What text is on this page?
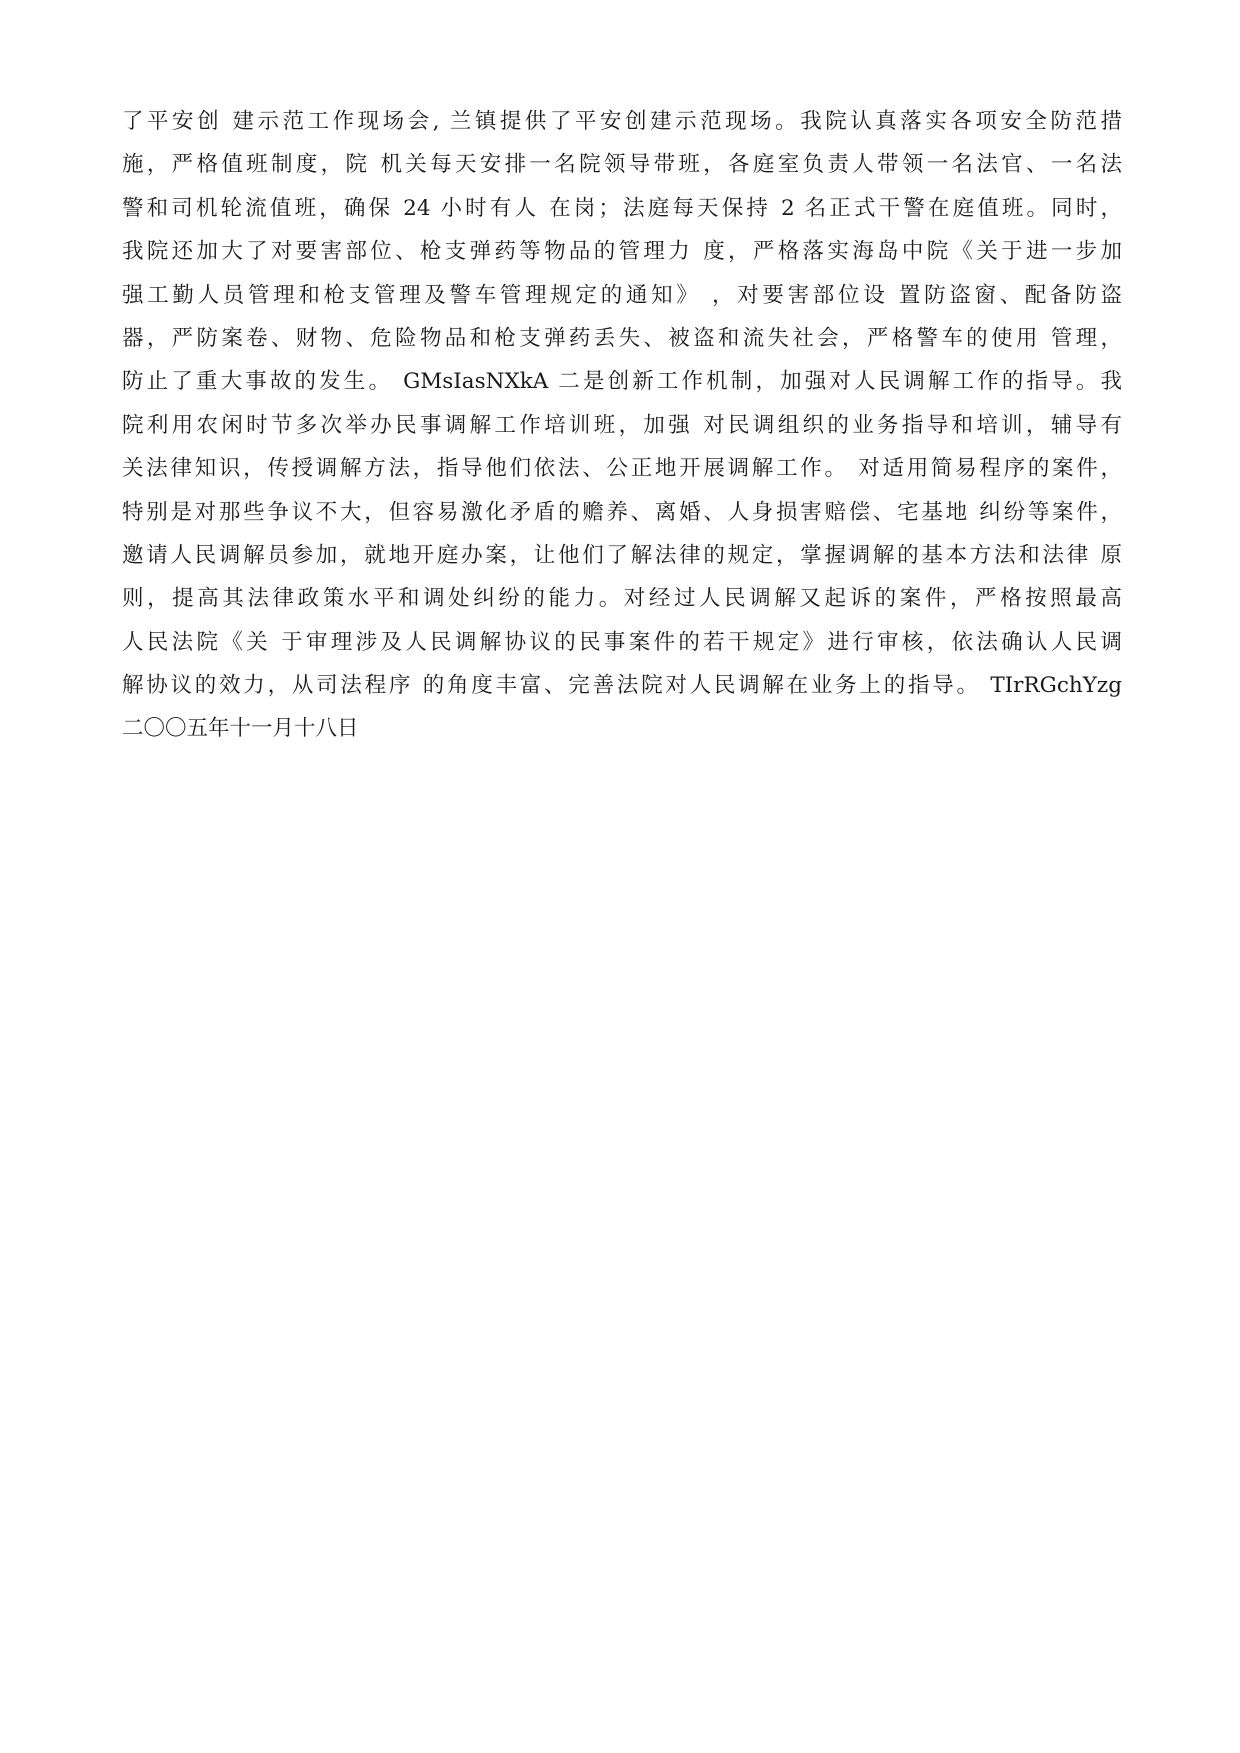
了平安创 建示范工作现场会, 兰镇提供了平安创建示范现场。我院认真落实各项安全防范措
施，严格值班制度，院 机关每天安排一名院领导带班，各庭室负责人带领一名法官、一名法
警和司机轮流值班，确保 24 小时有人 在岗；法庭每天保持 2 名正式干警在庭值班。同时，
我院还加大了对要害部位、枪支弹药等物品的管理力 度，严格落实海岛中院《关于进一步加
强工勤人员管理和枪支管理及警车管理规定的通知》 ，对要害部位设 置防盗窗、配备防盗
器，严防案卷、财物、危险物品和枪支弹药丢失、被盗和流失社会，严格警车的使用 管理，
防止了重大事故的发生。 GMsIasNXkA 二是创新工作机制，加强对人民调解工作的指导。我
院利用农闲时节多次举办民事调解工作培训班，加强 对民调组织的业务指导和培训，辅导有
关法律知识，传授调解方法，指导他们依法、公正地开展调解工作。 对适用简易程序的案件，
特别是对那些争议不大，但容易激化矛盾的赡养、离婚、人身损害赔偿、宅基地 纠纷等案件，
邀请人民调解员参加，就地开庭办案，让他们了解法律的规定，掌握调解的基本方法和法律 原
则，提高其法律政策水平和调处纠纷的能力。对经过人民调解又起诉的案件，严格按照最高
人民法院《关 于审理涉及人民调解协议的民事案件的若干规定》进行审核，依法确认人民调
解协议的效力，从司法程序 的角度丰富、完善法院对人民调解在业务上的指导。 TIrRGchYzg
二〇〇五年十一月十八日
